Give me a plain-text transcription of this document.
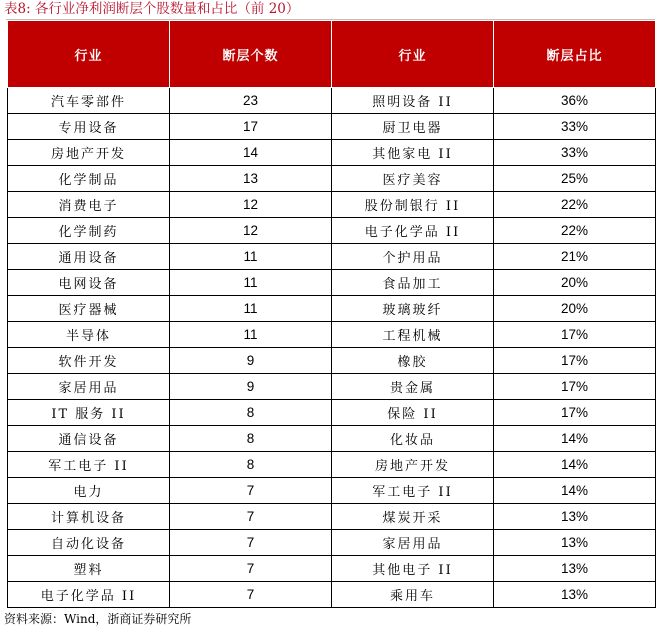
表8: 各行业净利润断层个股数量和占比（前 20）
行业	断层个数	行业	断层占比
汽车零部件	23	照明设备 II	36%
专用设备	17	厨卫电器	33%
房地产开发	14	其他家电 II	33%
化学制品	13	医疗美容	25%
消费电子	12	股份制银行 II	22%
化学制药	12	电子化学品 II	22%
通用设备	11	个护用品	21%
电网设备	11	食品加工	20%
医疗器械	11	玻璃玻纤	20%
半导体	11	工程机械	17%
软件开发	9	橡胶	17%
家居用品	9	贵金属	17%
IT 服务 II	8	保险 II	17%
通信设备	8	化妆品	14%
军工电子 II	8	房地产开发	14%
电力	7	军工电子 II	14%
计算机设备	7	煤炭开采	13%
自动化设备	7	家居用品	13%
塑料	7	其他电子 II	13%
电子化学品 II	7	乘用车	13%
资料来源：Wind，浙商证券研究所
